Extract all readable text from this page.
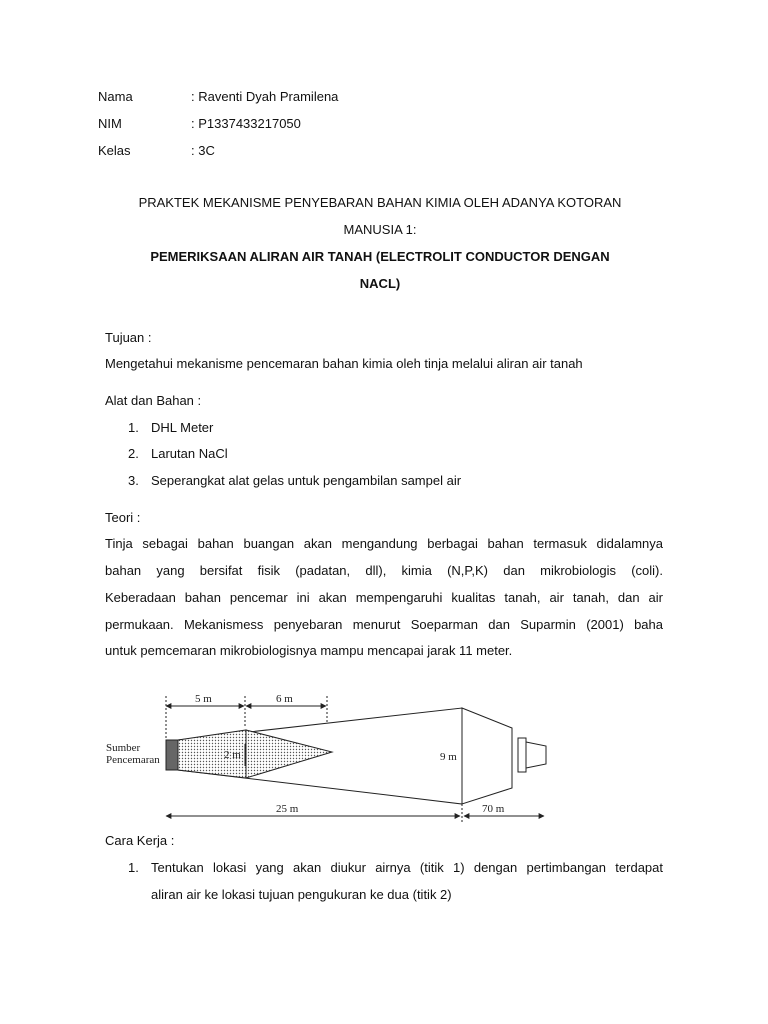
Nama	: Raventi Dyah Pramilena
NIM	: P1337433217050
Kelas	: 3C
PRAKTEK MEKANISME PENYEBARAN BAHAN KIMIA OLEH ADANYA KOTORAN
MANUSIA 1:
PEMERIKSAAN ALIRAN AIR TANAH (ELECTROLIT CONDUCTOR DENGAN
NACL)
Tujuan :
Mengetahui mekanisme pencemaran bahan kimia oleh tinja melalui aliran air tanah
Alat dan Bahan :
1. DHL Meter
2. Larutan NaCl
3. Seperangkat alat gelas untuk pengambilan sampel air
Teori :
Tinja sebagai bahan buangan akan mengandung berbagai bahan termasuk didalamnya
bahan yang bersifat fisik (padatan, dll), kimia (N,P,K) dan mikrobiologis (coli).
Keberadaan bahan pencemar ini akan mempengaruhi kualitas tanah, air tanah, dan air
permukaan. Mekanismess penyebaran menurut Soeparman dan Suparmin (2001) baha
untuk pemcemaran mikrobiologisnya mampu mencapai jarak 11 meter.
5 m	6 m
Sumber
Pencemaran	2 m	9 m
25 m	70 m
Cara Kerja :
1. Tentukan lokasi yang akan diukur airnya (titik 1) dengan pertimbangan terdapat
aliran air ke lokasi tujuan pengukuran ke dua (titik 2)
